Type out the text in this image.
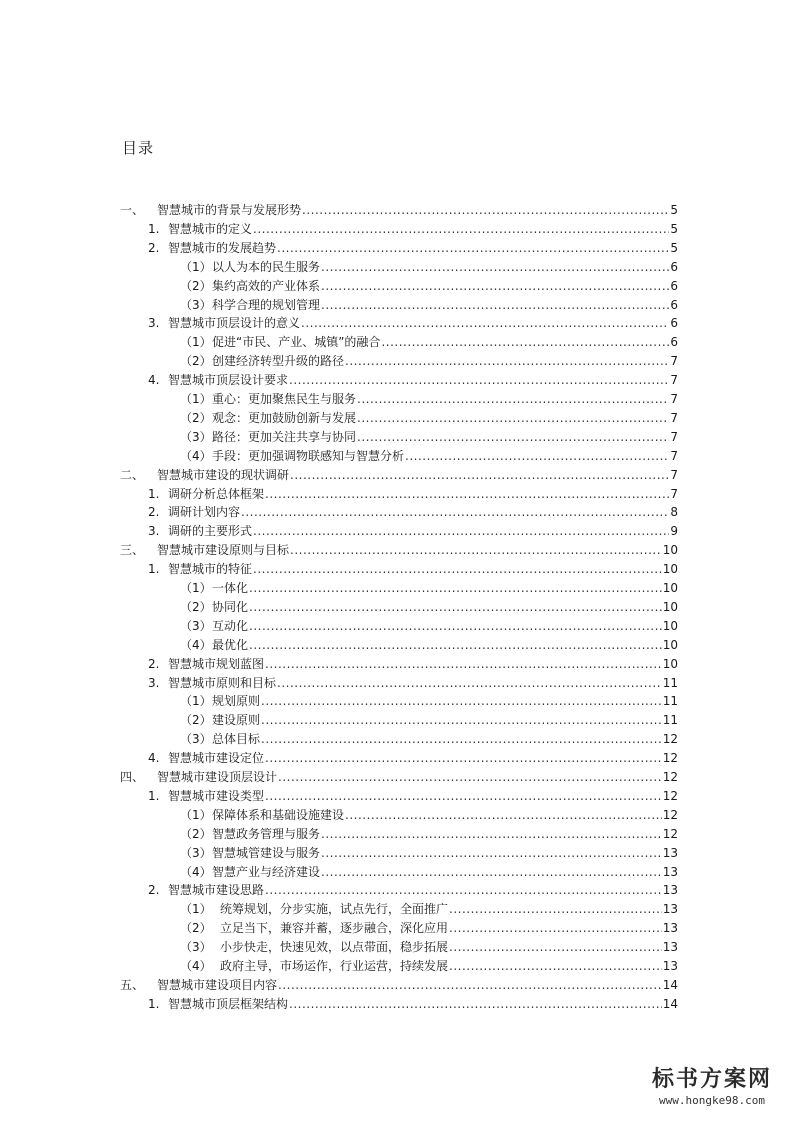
目录
一、	智慧城市的背景与发展形势 .....	5
1. 智慧城市的定义 .....	5
2. 智慧城市的发展趋势 .....	5
（1） 以人为本的民生服务 .....	6
（2） 集约高效的产业体系 .....	6
（3） 科学合理的规划管理 .....	6
3. 智慧城市顶层设计的意义 .....	6
（1） 促进“市民、产业、城镇”的融合 .....	6
（2） 创建经济转型升级的路径 .....	7
4. 智慧城市顶层设计要求 .....	7
（1） 重心：更加聚焦民生与服务 .....	7
（2） 观念：更加鼓励创新与发展 .....	7
（3） 路径：更加关注共享与协同 .....	7
（4） 手段：更加强调物联感知与智慧分析 .....	7
二、	智慧城市建设的现状调研 .....	7
1. 调研分析总体框架 .....	7
2. 调研计划内容 .....	8
3. 调研的主要形式 .....	9
三、	智慧城市建设原则与目标 .....	10
1. 智慧城市的特征 .....	10
（1） 一体化 .....	10
（2） 协同化 .....	10
（3） 互动化 .....	10
（4） 最优化 .....	10
2. 智慧城市规划蓝图 .....	10
3. 智慧城市原则和目标 .....	11
（1） 规划原则 .....	11
（2） 建设原则 .....	11
（3） 总体目标 .....	12
4. 智慧城市建设定位 .....	12
四、	智慧城市建设顶层设计 .....	12
1. 智慧城市建设类型 .....	12
（1） 保障体系和基础设施建设 .....	12
（2） 智慧政务管理与服务 .....	12
（3） 智慧城管建设与服务 .....	13
（4） 智慧产业与经济建设 .....	13
2. 智慧城市建设思路 .....	13
（1） 统筹规划，分步实施，试点先行，全面推广 .....	13
（2） 立足当下，兼容并蓄，逐步融合，深化应用 .....	13
（3） 小步快走，快速见效，以点带面，稳步拓展 .....	13
（4） 政府主导，市场运作，行业运营，持续发展 .....	13
五、	智慧城市建设项目内容 .....	14
1. 智慧城市顶层框架结构 .....	14
标书方案网
www.hongke98.com
